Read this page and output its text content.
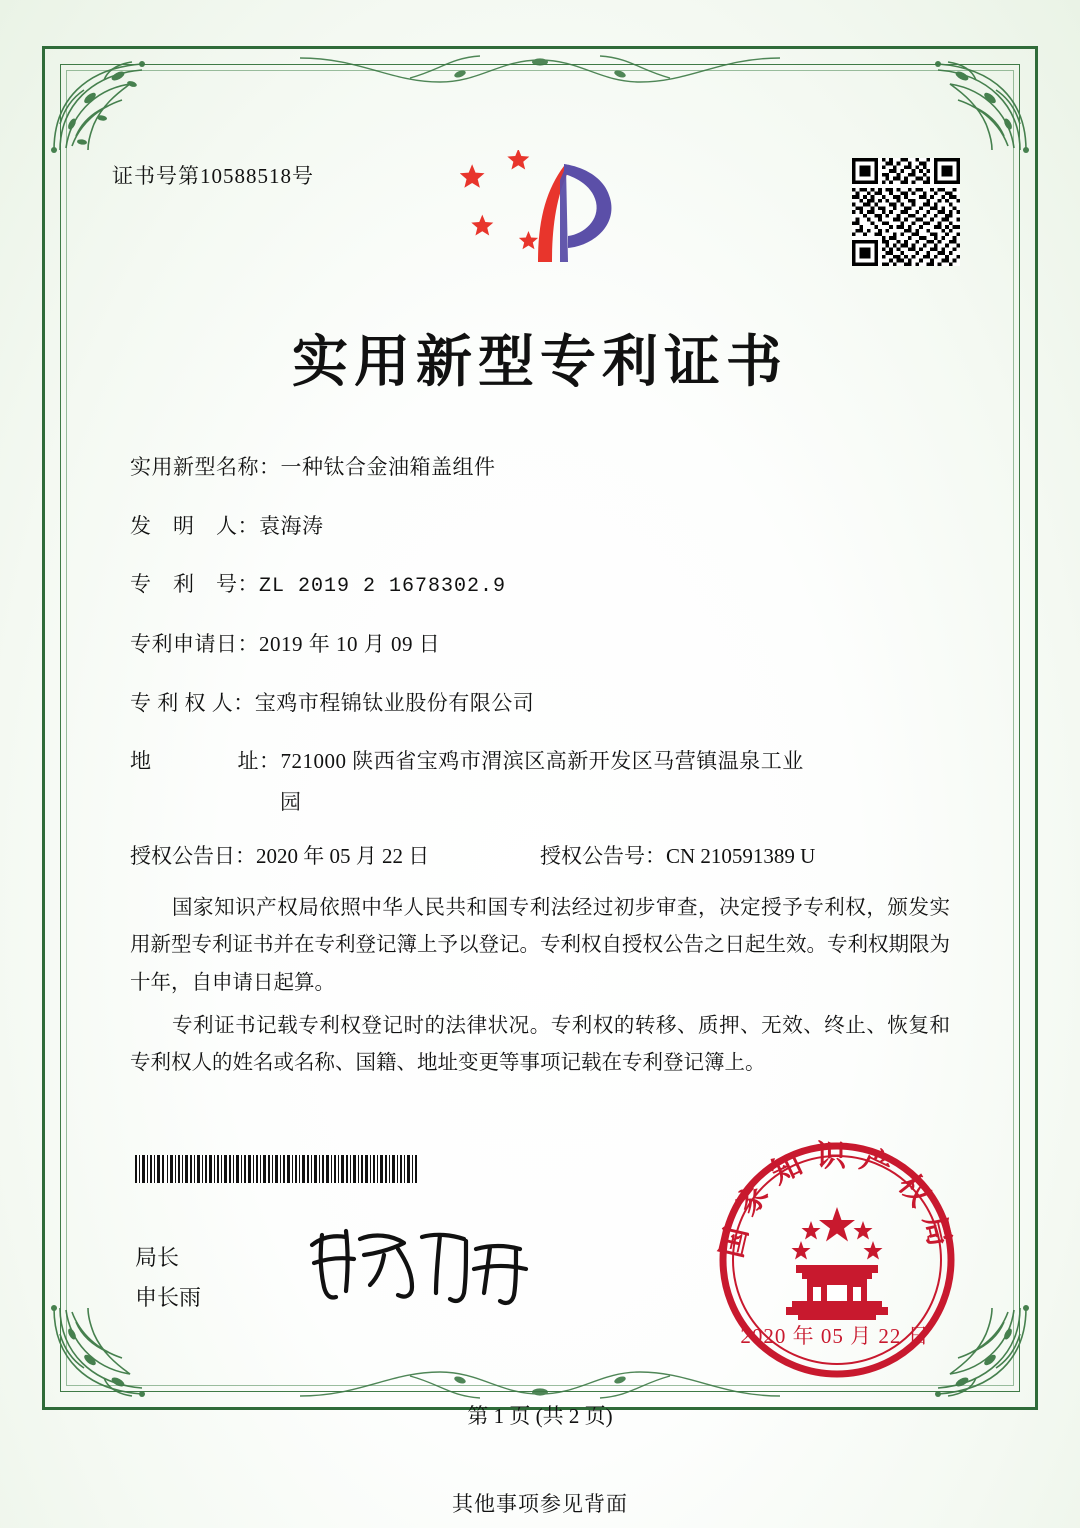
证书号第10588518号
实用新型专利证书
实用新型名称： 一种钛合金油箱盖组件
发　明　人： 袁海涛
专　利　号： ZL 2019 2 1678302.9
专利申请日： 2019 年 10 月 09 日
专 利 权 人： 宝鸡市程锦钛业股份有限公司
地　　　　址： 721000 陕西省宝鸡市渭滨区高新开发区马营镇温泉工业
园
授权公告日：2020 年 05 月 22 日	授权公告号：CN 210591389 U

国家知识产权局依照中华人民共和国专利法经过初步审查，决定授予专利权，颁发实用新型专利证书并在专利登记簿上予以登记。专利权自授权公告之日起生效。专利权期限为十年，自申请日起算。

专利证书记载专利权登记时的法律状况。专利权的转移、质押、无效、终止、恢复和专利权人的姓名或名称、国籍、地址变更等事项记载在专利登记簿上。

局长
申长雨
国家知识产权局
2020 年 05 月 22 日
第 1 页 (共 2 页)
其他事项参见背面
